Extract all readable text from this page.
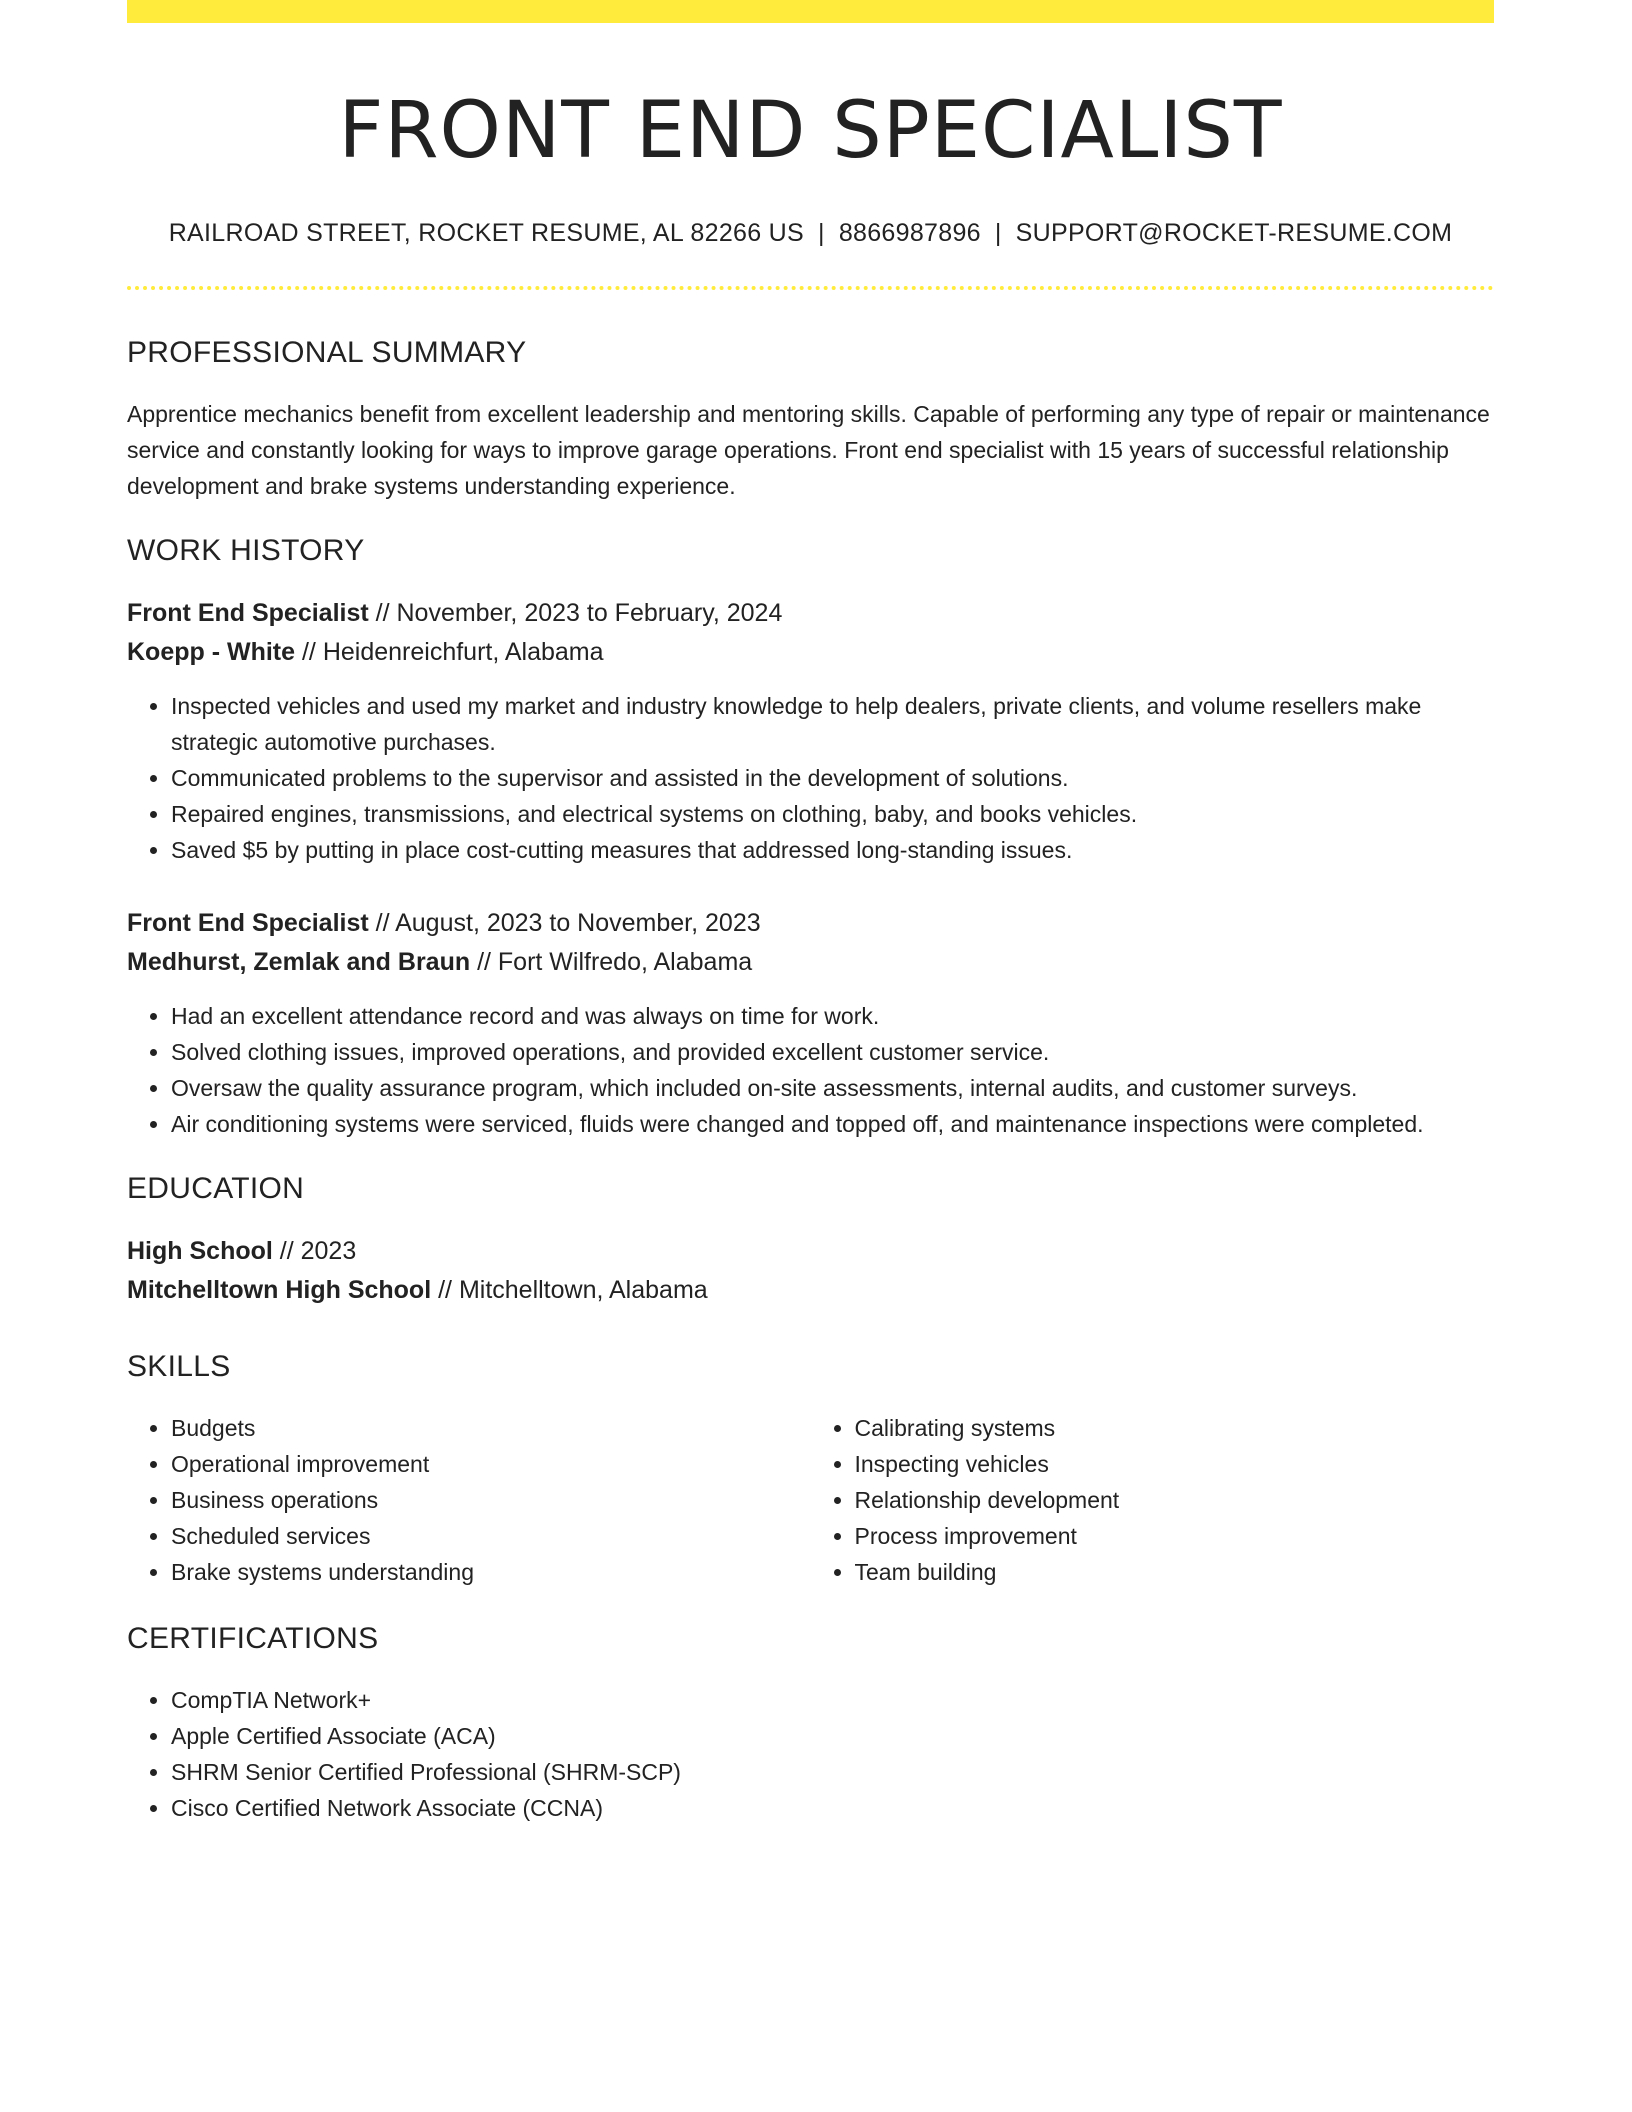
FRONT END SPECIALIST
RAILROAD STREET, ROCKET RESUME, AL 82266 US | 8866987896 | SUPPORT@ROCKET-RESUME.COM
PROFESSIONAL SUMMARY
Apprentice mechanics benefit from excellent leadership and mentoring skills. Capable of performing any type of repair or maintenance service and constantly looking for ways to improve garage operations. Front end specialist with 15 years of successful relationship development and brake systems understanding experience.
WORK HISTORY
Front End Specialist // November, 2023 to February, 2024
Koepp - White // Heidenreichfurt, Alabama
• Inspected vehicles and used my market and industry knowledge to help dealers, private clients, and volume resellers make strategic automotive purchases.
• Communicated problems to the supervisor and assisted in the development of solutions.
• Repaired engines, transmissions, and electrical systems on clothing, baby, and books vehicles.
• Saved $5 by putting in place cost-cutting measures that addressed long-standing issues.
Front End Specialist // August, 2023 to November, 2023
Medhurst, Zemlak and Braun // Fort Wilfredo, Alabama
• Had an excellent attendance record and was always on time for work.
• Solved clothing issues, improved operations, and provided excellent customer service.
• Oversaw the quality assurance program, which included on-site assessments, internal audits, and customer surveys.
• Air conditioning systems were serviced, fluids were changed and topped off, and maintenance inspections were completed.
EDUCATION
High School // 2023
Mitchelltown High School // Mitchelltown, Alabama
SKILLS
• Budgets
• Operational improvement
• Business operations
• Scheduled services
• Brake systems understanding
• Calibrating systems
• Inspecting vehicles
• Relationship development
• Process improvement
• Team building
CERTIFICATIONS
• CompTIA Network+
• Apple Certified Associate (ACA)
• SHRM Senior Certified Professional (SHRM-SCP)
• Cisco Certified Network Associate (CCNA)
